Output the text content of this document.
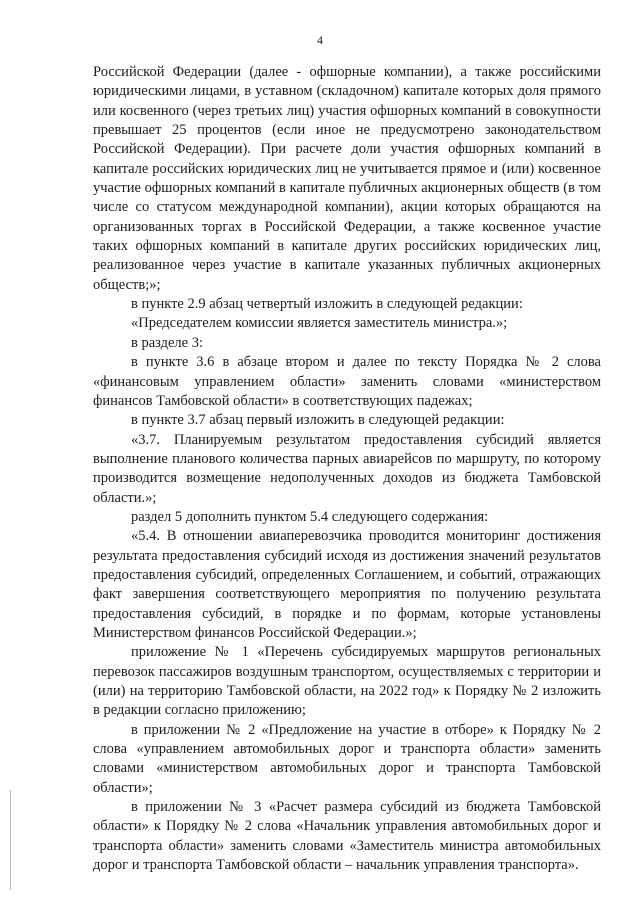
4

Российской Федерации (далее - офшорные компании), а также российскими юридическими лицами, в уставном (складочном) капитале которых доля прямого или косвенного (через третьих лиц) участия офшорных компаний в совокупности превышает 25 процентов (если иное не предусмотрено законодательством Российской Федерации). При расчете доли участия офшорных компаний в капитале российских юридических лиц не учитывается прямое и (или) косвенное участие офшорных компаний в капитале публичных акционерных обществ (в том числе со статусом международной компании), акции которых обращаются на организованных торгах в Российской Федерации, а также косвенное участие таких офшорных компаний в капитале других российских юридических лиц, реализованное через участие в капитале указанных публичных акционерных обществ;»;

в пункте 2.9 абзац четвертый изложить в следующей редакции:

«Председателем комиссии является заместитель министра.»;

в разделе 3:

в пункте 3.6 в абзаце втором и далее по тексту Порядка № 2 слова «финансовым управлением области» заменить словами «министерством финансов Тамбовской области» в соответствующих падежах;

в пункте 3.7 абзац первый изложить в следующей редакции:

«3.7. Планируемым результатом предоставления субсидий является выполнение планового количества парных авиарейсов по маршруту, по которому производится возмещение недополученных доходов из бюджета Тамбовской области.»;

раздел 5 дополнить пунктом 5.4 следующего содержания:

«5.4. В отношении авиаперевозчика проводится мониторинг достижения результата предоставления субсидий исходя из достижения значений результатов предоставления субсидий, определенных Соглашением, и событий, отражающих факт завершения соответствующего мероприятия по получению результата предоставления субсидий, в порядке и по формам, которые установлены Министерством финансов Российской Федерации.»;

приложение № 1 «Перечень субсидируемых маршрутов региональных перевозок пассажиров воздушным транспортом, осуществляемых с территории и (или) на территорию Тамбовской области, на 2022 год» к Порядку № 2 изложить в редакции согласно приложению;

в приложении № 2 «Предложение на участие в отборе» к Порядку № 2 слова «управлением автомобильных дорог и транспорта области» заменить словами «министерством автомобильных дорог и транспорта Тамбовской области»;

в приложении № 3 «Расчет размера субсидий из бюджета Тамбовской области» к Порядку № 2 слова «Начальник управления автомобильных дорог и транспорта области» заменить словами «Заместитель министра автомобильных дорог и транспорта Тамбовской области – начальник управления транспорта».
